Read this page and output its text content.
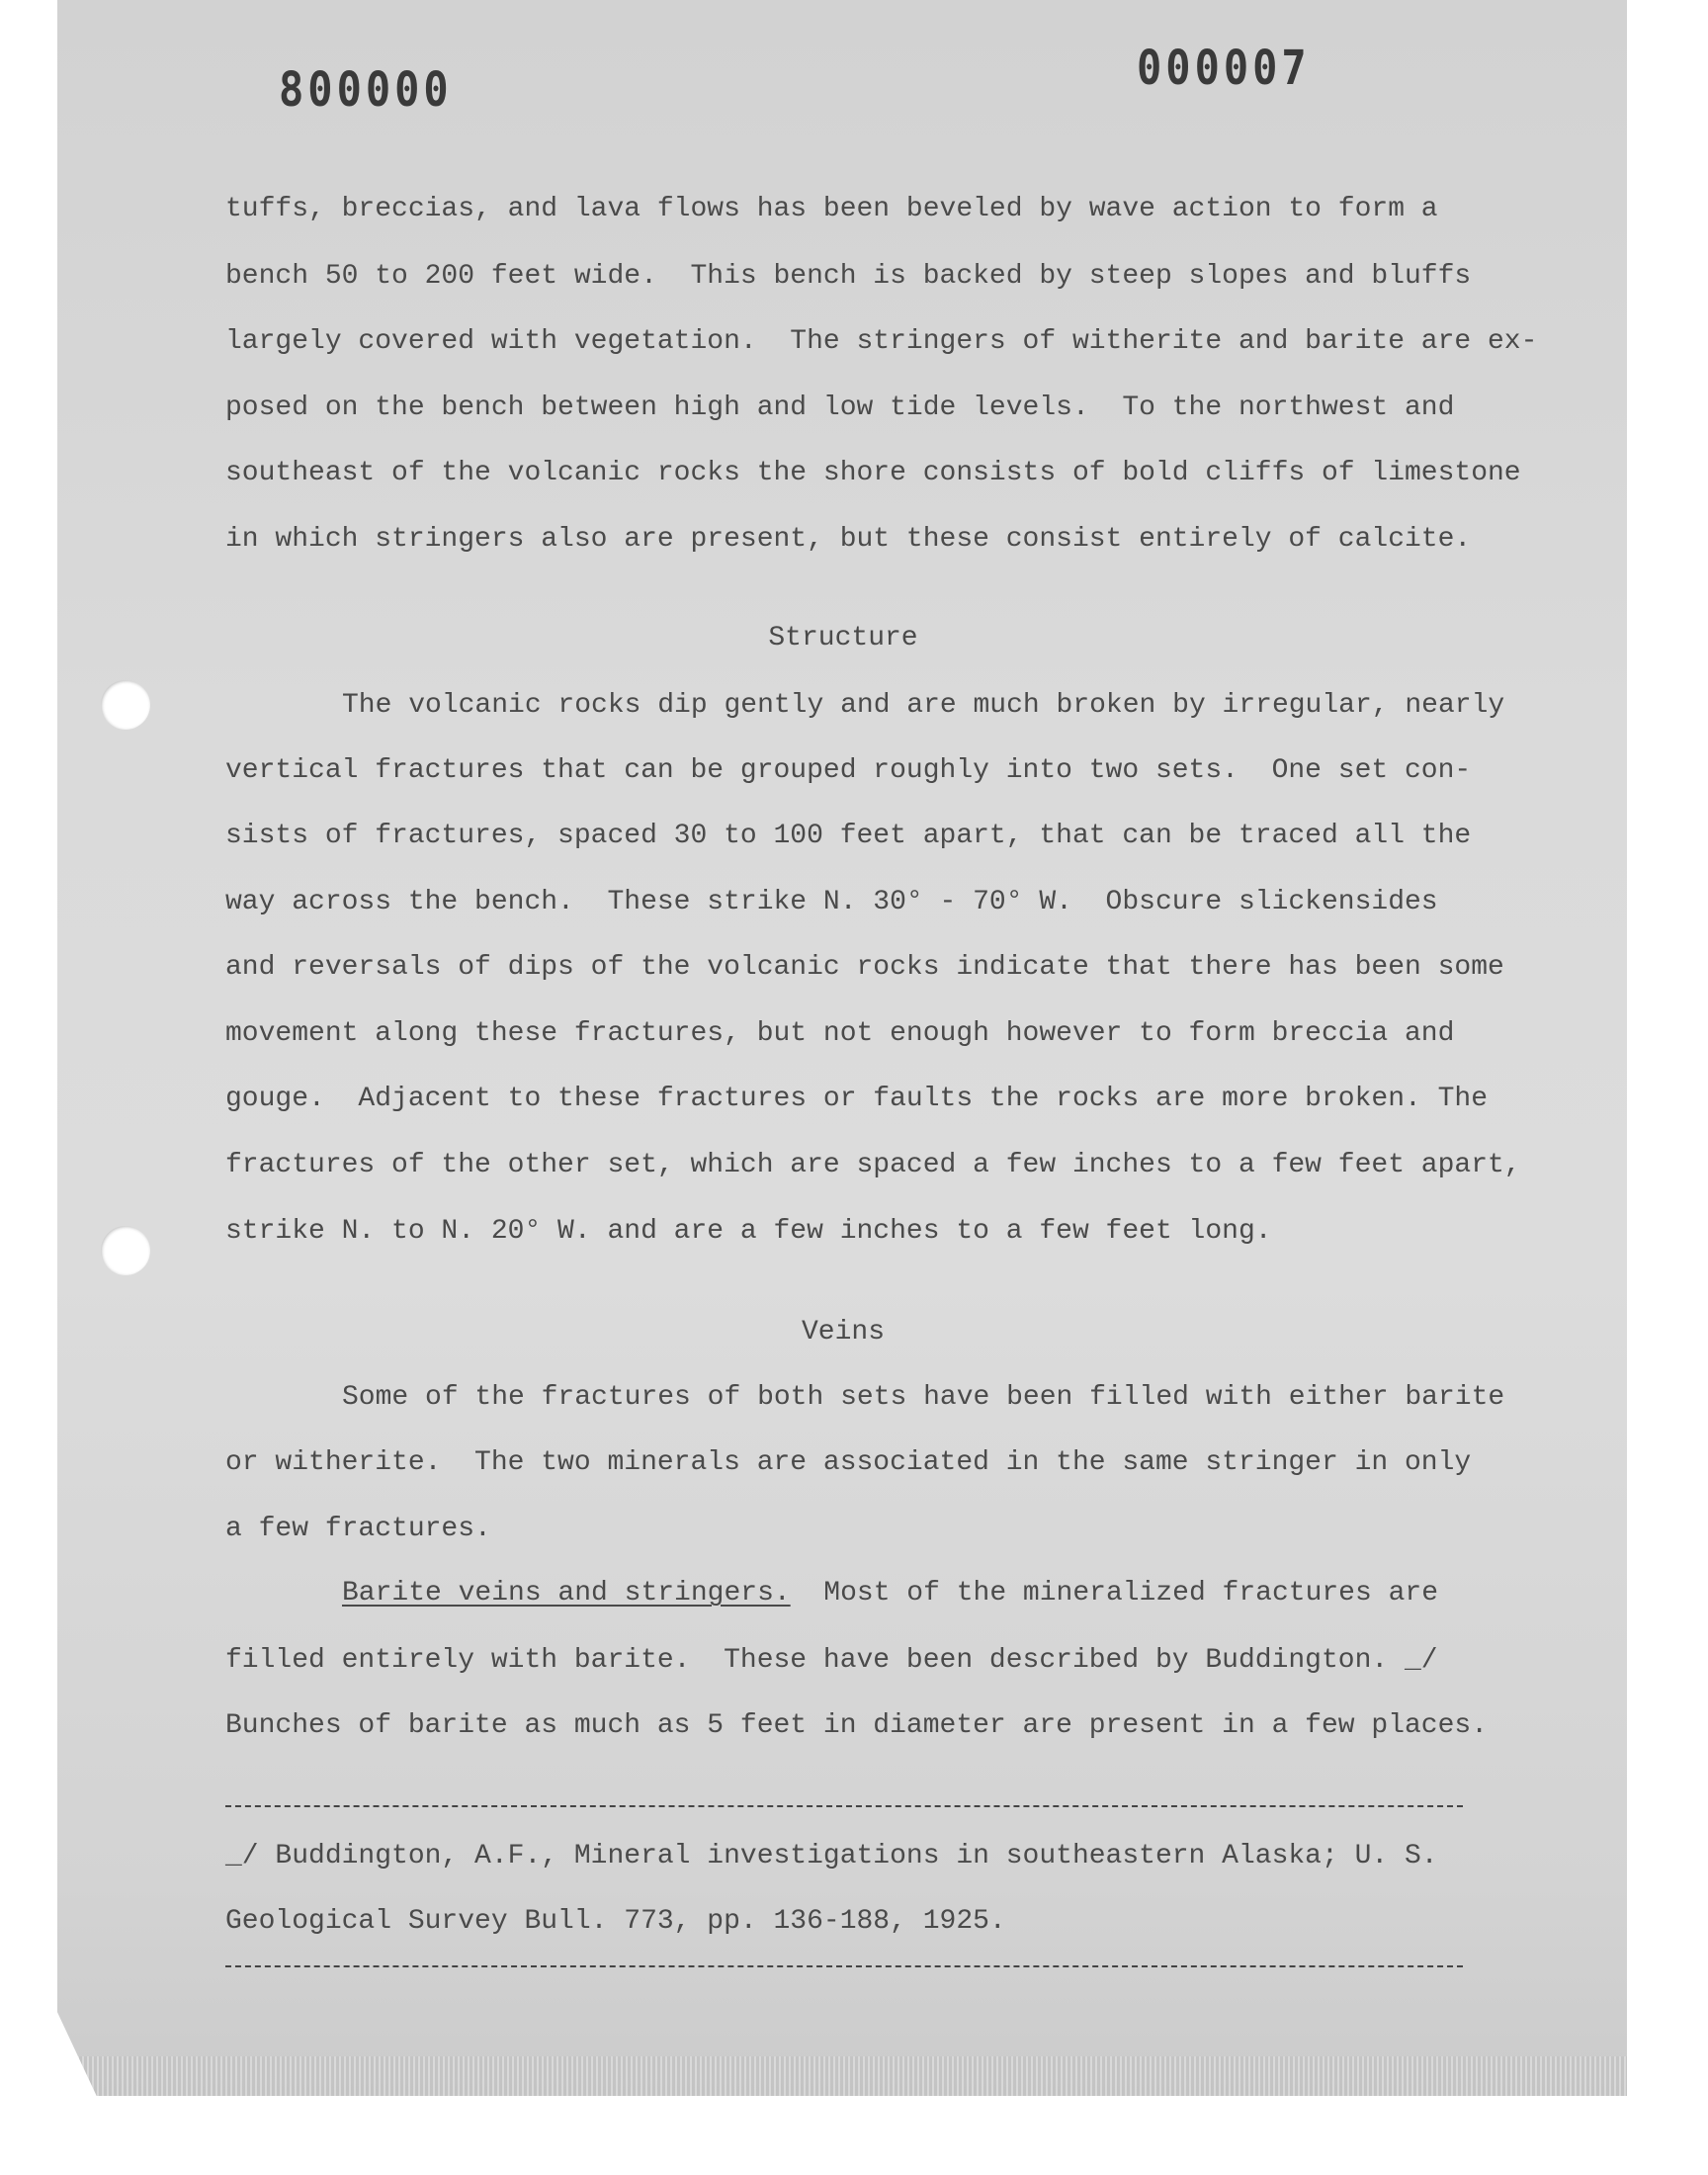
800000	000007
tuffs, breccias, and lava flows has been beveled by wave action to form a
bench 50 to 200 feet wide.  This bench is backed by steep slopes and bluffs
largely covered with vegetation.  The stringers of witherite and barite are ex-
posed on the bench between high and low tide levels.  To the northwest and
southeast of the volcanic rocks the shore consists of bold cliffs of limestone
in which stringers also are present, but these consist entirely of calcite.
Structure
The volcanic rocks dip gently and are much broken by irregular, nearly
vertical fractures that can be grouped roughly into two sets.  One set con-
sists of fractures, spaced 30 to 100 feet apart, that can be traced all the
way across the bench.  These strike N. 30° - 70° W.  Obscure slickensides
and reversals of dips of the volcanic rocks indicate that there has been some
movement along these fractures, but not enough however to form breccia and
gouge.  Adjacent to these fractures or faults the rocks are more broken. The
fractures of the other set, which are spaced a few inches to a few feet apart,
strike N. to N. 20° W. and are a few inches to a few feet long.
Veins
Some of the fractures of both sets have been filled with either barite
or witherite.  The two minerals are associated in the same stringer in only
a few fractures.
Barite veins and stringers.  Most of the mineralized fractures are
filled entirely with barite.  These have been described by Buddington. _/
Bunches of barite as much as 5 feet in diameter are present in a few places.
_/ Buddington, A.F., Mineral investigations in southeastern Alaska; U. S.
Geological Survey Bull. 773, pp. 136-188, 1925.
